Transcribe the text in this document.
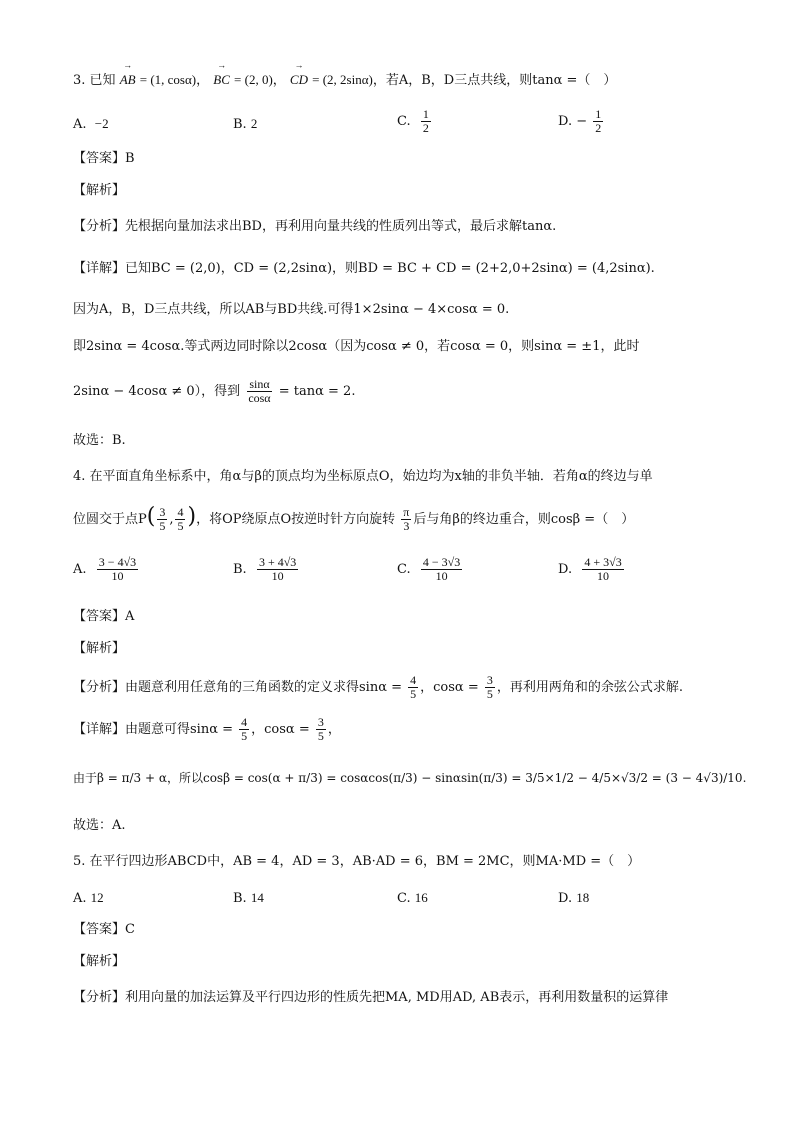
3. 已知 → AB = (1, cosα)， → BC = (2, 0)， → CD = (2, 2sinα)，若A，B，D三点共线，则tanα =（　）
A. −2	B. 2	C. $\frac{1}{2}$	D. − $\frac{1}{2}$
【答案】B
【解析】
【分析】先根据向量加法求出BD，再利用向量共线的性质列出等式，最后求解tanα.
【详解】已知BC = (2,0)，CD = (2,2sinα)，则BD = BC + CD = (2+2,0+2sinα) = (4,2sinα).
因为A，B，D三点共线，所以AB与BD共线.可得1×2sinα − 4×cosα = 0.
即2sinα = 4cosα.等式两边同时除以2cosα（因为cosα ≠ 0，若cosα = 0，则sinα = ±1，此时
2sinα − 4cosα ≠ 0），得到 $\frac{\sin\alpha}{\cos\alpha} = \tan\alpha = 2$.
故选：B.
4. 在平面直角坐标系中，角α与β的顶点均为坐标原点O，始边均为x轴的非负半轴．若角α的终边与单
位圆交于点$P( \frac{3}{5}$ , $\frac{4}{5}$ )，将OP绕原点O按逆时针方向旋转 $\frac{\pi}{3}$ 后与角β的终边重合，则cosβ =（　）
A. $\frac{3 - 4√3}{10}$	B. $\frac{3 + 4√3}{10}$	C. $\frac{4 - 3√3}{10}$	D. $\frac{4 + 3√3}{10}$
【答案】A
【解析】
【分析】由题意利用任意角的三角函数的定义求得$\sin\alpha = \frac{4}{5}$ ，$\cos\alpha = \frac{3}{5}$ ，再利用两角和的余弦公式求解.
【详解】由题意可得$\sin\alpha = \frac{4}{5}$ ，$\cos\alpha = \frac{3}{5}$ ，
由于β = π/3 + α，所以cosβ = cos(α + π/3) = cosαcos(π/3) − sinαsin(π/3) = 3/5×1/2 − 4/5×√3/2 = (3 − 4√3)/10.
故选：A.
5. 在平行四边形ABCD中，AB = 4，AD = 3，AB·AD = 6，BM = 2MC，则MA·MD =（　）
A. 12	B. 14	C. 16	D. 18
【答案】C
【解析】
【分析】利用向量的加法运算及平行四边形的性质先把MA, MD用AD, AB表示，再利用数量积的运算律
